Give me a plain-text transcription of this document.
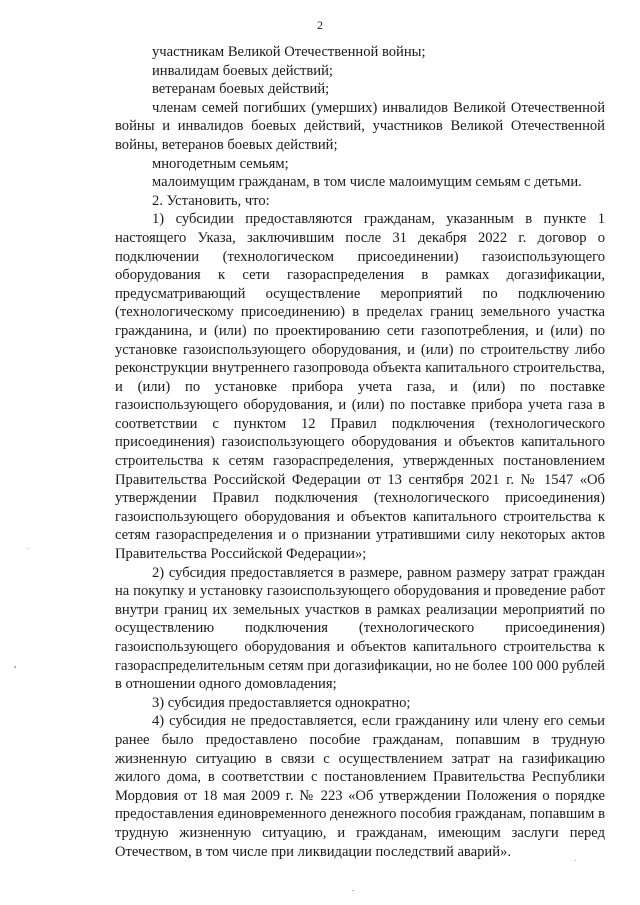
2

участникам Великой Отечественной войны;

инвалидам боевых действий;

ветеранам боевых действий;

членам семей погибших (умерших) инвалидов Великой Отечественной войны и инвалидов боевых действий, участников Великой Отечественной войны, ветеранов боевых действий;

многодетным семьям;

малоимущим гражданам, в том числе малоимущим семьям с детьми.

2. Установить, что:

1) субсидии предоставляются гражданам, указанным в пункте 1 настоящего Указа, заключившим после 31 декабря 2022 г. договор о подключении (технологическом присоединении) газоиспользующего оборудования к сети газораспределения в рамках догазификации, предусматривающий осуществление мероприятий по подключению (технологическому присоединению) в пределах границ земельного участка гражданина, и (или) по проектированию сети газопотребления, и (или) по установке газоиспользующего оборудования, и (или) по строительству либо реконструкции внутреннего газопровода объекта капитального строительства, и (или) по установке прибора учета газа, и (или) по поставке газоиспользующего оборудования, и (или) по поставке прибора учета газа в соответствии с пунктом 12 Правил подключения (технологического присоединения) газоиспользующего оборудования и объектов капитального строительства к сетям газораспределения, утвержденных постановлением Правительства Российской Федерации от 13 сентября 2021 г. № 1547 «Об утверждении Правил подключения (технологического присоединения) газоиспользующего оборудования и объектов капитального строительства к сетям газораспределения и о признании утратившими силу некоторых актов Правительства Российской Федерации»;

2) субсидия предоставляется в размере, равном размеру затрат граждан на покупку и установку газоиспользующего оборудования и проведение работ внутри границ их земельных участков в рамках реализации мероприятий по осуществлению подключения (технологического присоединения) газоиспользующего оборудования и объектов капитального строительства к газораспределительным сетям при догазификации, но не более 100 000 рублей в отношении одного домовладения;

3) субсидия предоставляется однократно;

4) субсидия не предоставляется, если гражданину или члену его семьи ранее было предоставлено пособие гражданам, попавшим в трудную жизненную ситуацию в связи с осуществлением затрат на газификацию жилого дома, в соответствии с постановлением Правительства Республики Мордовия от 18 мая 2009 г. № 223 «Об утверждении Положения о порядке предоставления единовременного денежного пособия гражданам, попавшим в трудную жизненную ситуацию, и гражданам, имеющим заслуги перед Отечеством, в том числе при ликвидации последствий аварий».
